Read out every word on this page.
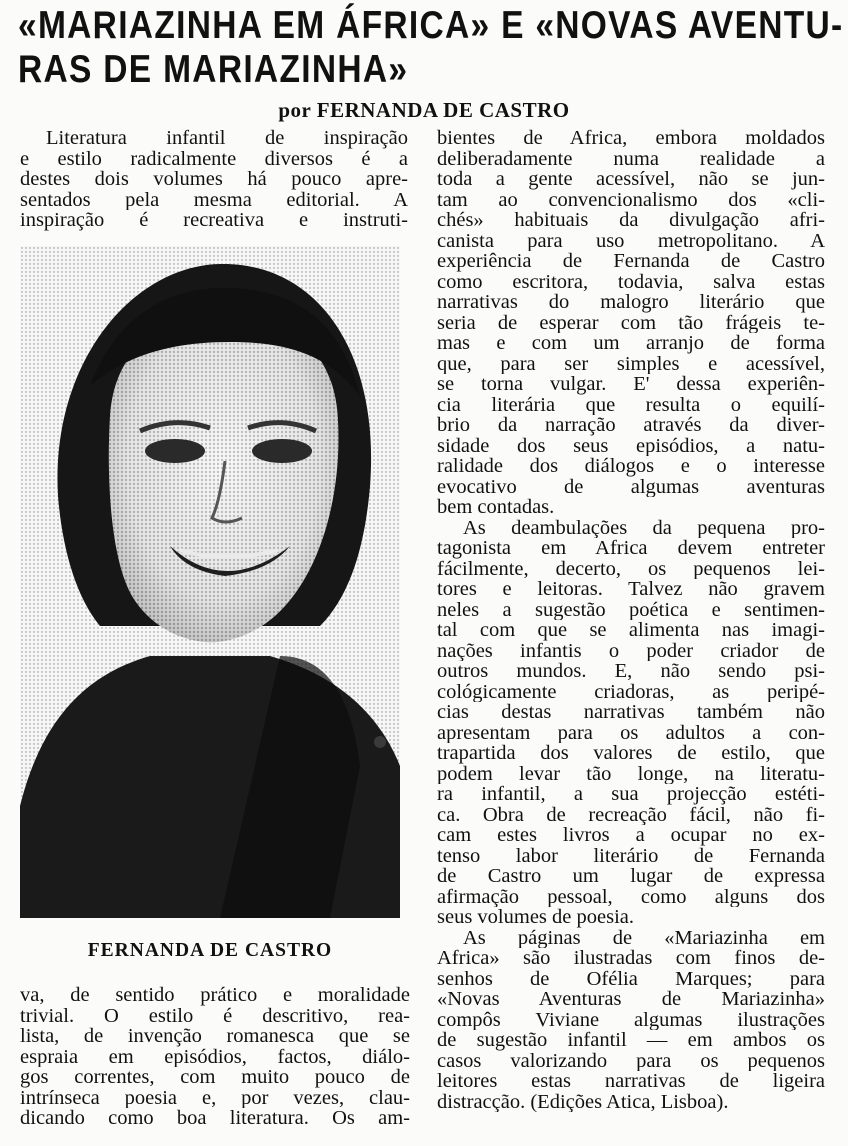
«MARIAZINHA EM ÁFRICA» E «NOVAS AVENTU-
RAS DE MARIAZINHA»
por FERNANDA DE CASTRO
Literatura infantil de inspiração
e estilo radicalmente diversos é a
destes dois volumes há pouco apre-
sentados pela mesma editorial. A
inspiração é recreativa e instruti-
FERNANDA DE CASTRO
va, de sentido prático e moralidade
trivial. O estilo é descritivo, rea-
lista, de invenção romanesca que se
espraia em episódios, factos, diálo-
gos correntes, com muito pouco de
intrínseca poesia e, por vezes, clau-
dicando como boa literatura. Os am-
bientes de Africa, embora moldados
deliberadamente numa realidade a
toda a gente acessível, não se jun-
tam ao convencionalismo dos «cli-
chés» habituais da divulgação afri-
canista para uso metropolitano. A
experiência de Fernanda de Castro
como escritora, todavia, salva estas
narrativas do malogro literário que
seria de esperar com tão frágeis te-
mas e com um arranjo de forma
que, para ser simples e acessível,
se torna vulgar. E' dessa experiên-
cia literária que resulta o equilí-
brio da narração através da diver-
sidade dos seus episódios, a natu-
ralidade dos diálogos e o interesse
evocativo de algumas aventuras
bem contadas.
As deambulações da pequena pro-
tagonista em Africa devem entreter
fácilmente, decerto, os pequenos lei-
tores e leitoras. Talvez não gravem
neles a sugestão poética e sentimen-
tal com que se alimenta nas imagi-
nações infantis o poder criador de
outros mundos. E, não sendo psi-
cológicamente criadoras, as peripé-
cias destas narrativas também não
apresentam para os adultos a con-
trapartida dos valores de estilo, que
podem levar tão longe, na literatu-
ra infantil, a sua projecção estéti-
ca. Obra de recreação fácil, não fi-
cam estes livros a ocupar no ex-
tenso labor literário de Fernanda
de Castro um lugar de expressa
afirmação pessoal, como alguns dos
seus volumes de poesia.
As páginas de «Mariazinha em
Africa» são ilustradas com finos de-
senhos de Ofélia Marques; para
«Novas Aventuras de Mariazinha»
compôs Viviane algumas ilustrações
de sugestão infantil — em ambos os
casos valorizando para os pequenos
leitores estas narrativas de ligeira
distracção. (Edições Atica, Lisboa).
